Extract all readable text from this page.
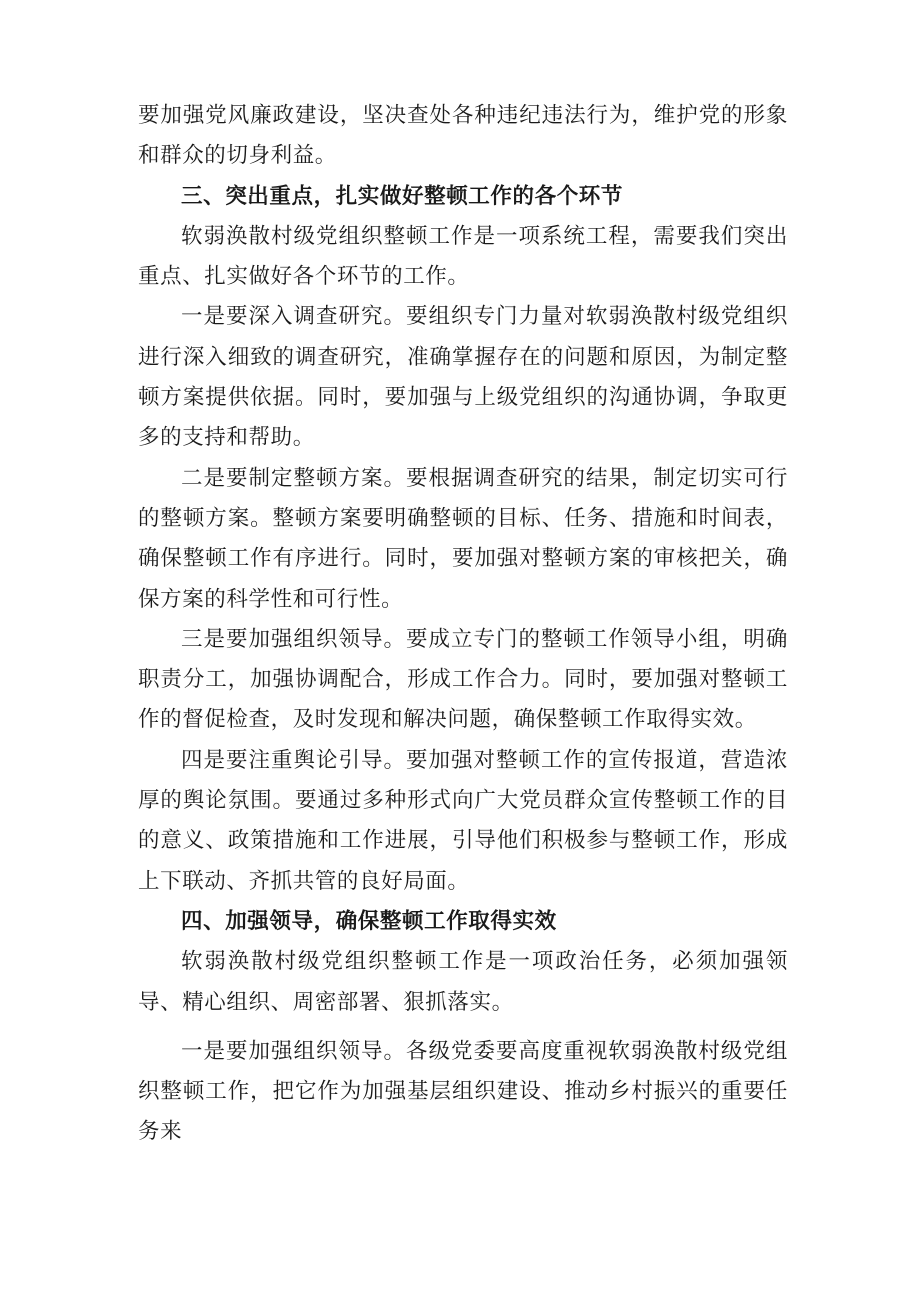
要加强党风廉政建设，坚决查处各种违纪违法行为，维护党的形象和群众的切身利益。

三、突出重点，扎实做好整顿工作的各个环节

软弱涣散村级党组织整顿工作是一项系统工程，需要我们突出重点、扎实做好各个环节的工作。

一是要深入调查研究。要组织专门力量对软弱涣散村级党组织进行深入细致的调查研究，准确掌握存在的问题和原因，为制定整顿方案提供依据。同时，要加强与上级党组织的沟通协调，争取更多的支持和帮助。

二是要制定整顿方案。要根据调查研究的结果，制定切实可行的整顿方案。整顿方案要明确整顿的目标、任务、措施和时间表，确保整顿工作有序进行。同时，要加强对整顿方案的审核把关，确保方案的科学性和可行性。

三是要加强组织领导。要成立专门的整顿工作领导小组，明确职责分工，加强协调配合，形成工作合力。同时，要加强对整顿工作的督促检查，及时发现和解决问题，确保整顿工作取得实效。

四是要注重舆论引导。要加强对整顿工作的宣传报道，营造浓厚的舆论氛围。要通过多种形式向广大党员群众宣传整顿工作的目的意义、政策措施和工作进展，引导他们积极参与整顿工作，形成上下联动、齐抓共管的良好局面。

四、加强领导，确保整顿工作取得实效

软弱涣散村级党组织整顿工作是一项政治任务，必须加强领导、精心组织、周密部署、狠抓落实。

一是要加强组织领导。各级党委要高度重视软弱涣散村级党组织整顿工作，把它作为加强基层组织建设、推动乡村振兴的重要任务来
